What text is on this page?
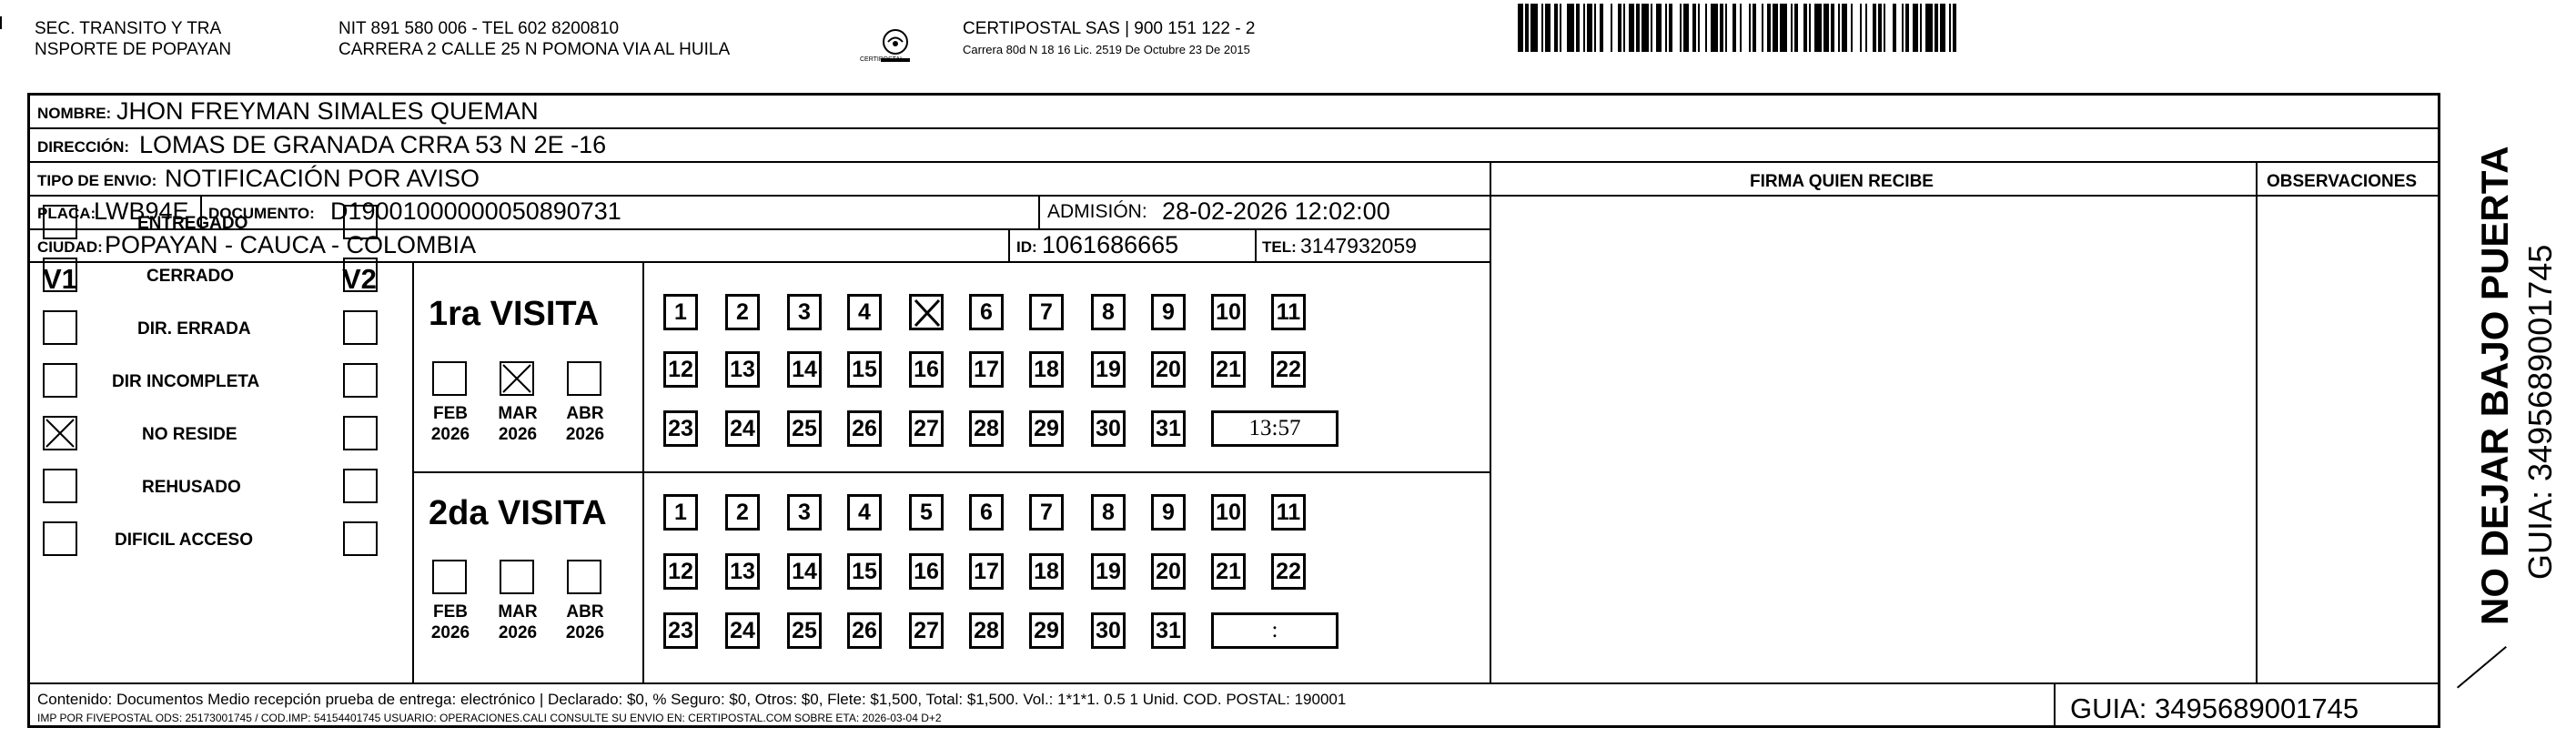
SEC. TRANSITO Y TRA
NSPORTE DE POPAYAN
NIT 891 580 006 - TEL 602 8200810
CARRERA 2 CALLE 25 N POMONA VIA AL HUILA
CERTIPOSTAL
CERTIPOSTAL SAS | 900 151 122 - 2
Carrera 80d N 18 16 Lic. 2519 De Octubre 23 De 2015
NOMBRE: JHON FREYMAN SIMALES QUEMAN
DIRECCIÓN: LOMAS DE GRANADA CRRA 53 N 2E -16
TIPO DE ENVIO: NOTIFICACIÓN POR AVISO	FIRMA QUIEN RECIBE	OBSERVACIONES
PLACA:
LWB94E DOCUMENTO: D19001000000050890731	ADMISIÓN: 28-02-2026 12:02:00
CIUDAD: POPAYAN - CAUCA - COLOMBIA	ID: 1061686665	TEL: 3147932059
V1	V2
ENTREGADO
CERRADO
DIR. ERRADA
DIR INCOMPLETA
NO RESIDE
REHUSADO
DIFICIL ACCESO
1ra VISITA
FEB
2026
MAR
2026
ABR
2026
1	2	3	4	6	7	8	9	10 11
12 13 14 15 16 17 18 19 20 21 22
23 24 25 26 27 28 29 30 31	13:57
2da VISITA
FEB
2026
MAR
2026
ABR
2026
1	2	3	4	5	6	7	8	9	10 11
12 13 14 15 16 17 18 19 20 21 22
23 24 25 26 27 28 29 30 31	:
Contenido: Documentos Medio recepción prueba de entrega: electrónico | Declarado: $0, % Seguro: $0, Otros: $0, Flete: $1,500, Total: $1,500. Vol.: 1*1*1. 0.5 1 Unid. COD. POSTAL: 190001
IMP POR FIVEPOSTAL ODS: 25173001745 / COD.IMP: 54154401745 USUARIO: OPERACIONES.CALI CONSULTE SU ENVIO EN: CERTIPOSTAL.COM SOBRE ETA: 2026-03-04 D+2	GUIA: 3495689001745
NO DEJAR BAJO PUERTA GUIA: 3495689001745
